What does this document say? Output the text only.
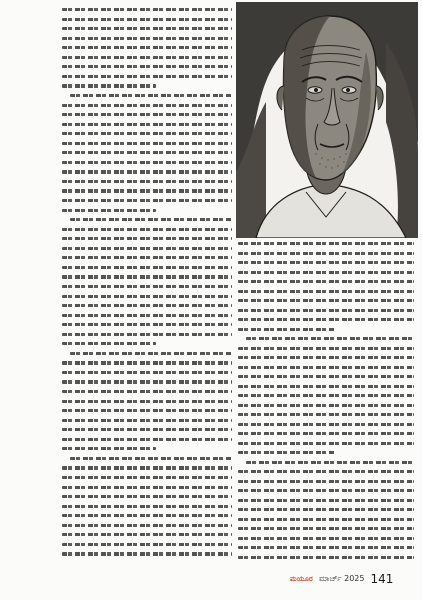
ಮಯೂರ ಮಾರ್ಚ್ 2025 141
